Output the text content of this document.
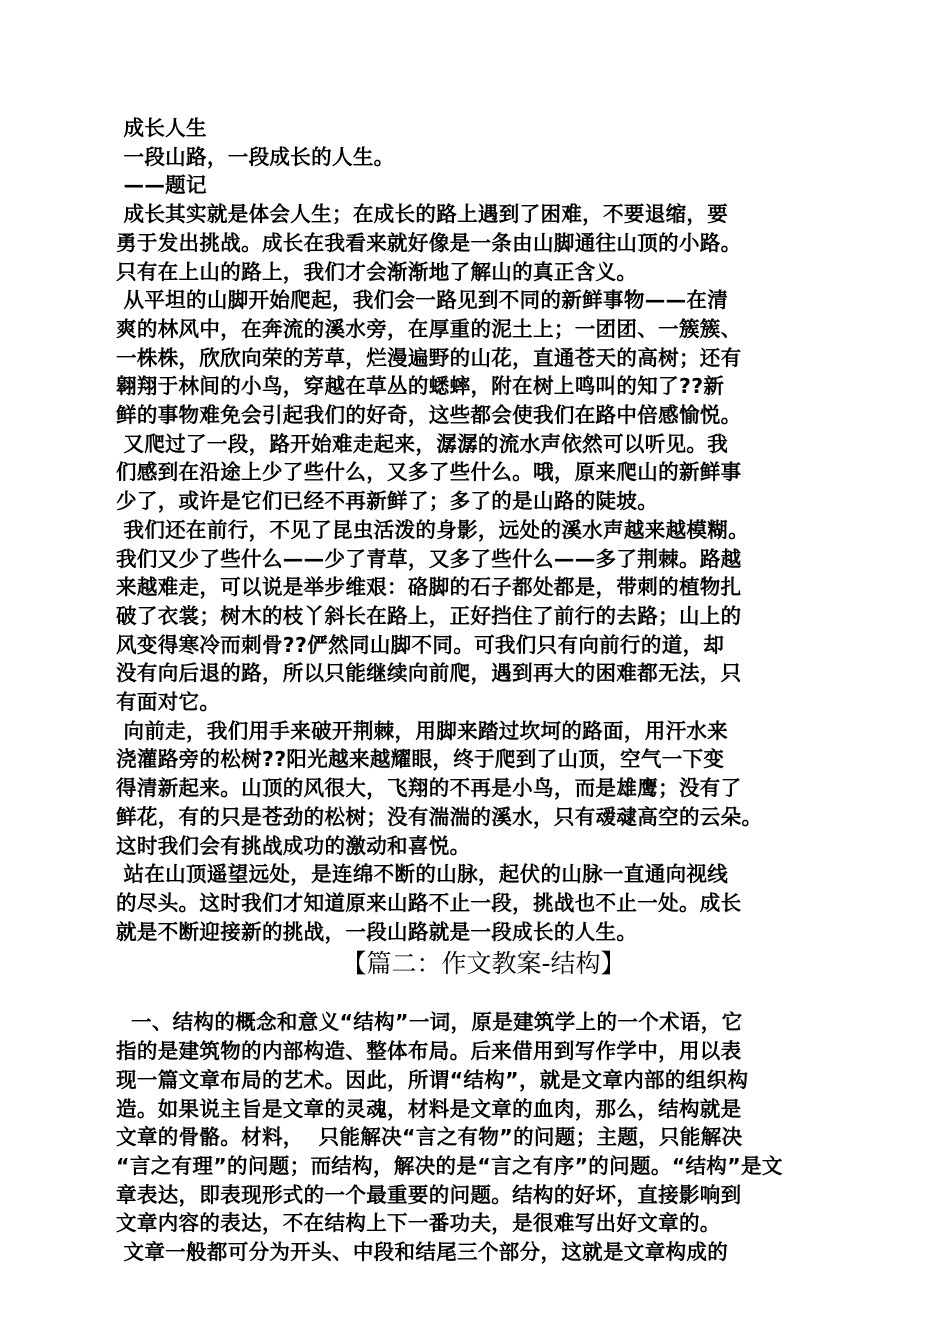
成长人生
一段山路，一段成长的人生。
——题记
成长其实就是体会人生；在成长的路上遇到了困难，不要退缩，要
勇于发出挑战。成长在我看来就好像是一条由山脚通往山顶的小路。
只有在上山的路上，我们才会渐渐地了解山的真正含义。
从平坦的山脚开始爬起，我们会一路见到不同的新鲜事物——在清
爽的林风中，在奔流的溪水旁，在厚重的泥土上；一团团、一簇簇、
一株株，欣欣向荣的芳草，烂漫遍野的山花，直通苍天的高树；还有
翱翔于林间的小鸟，穿越在草丛的蟋蟀，附在树上鸣叫的知了??新
鲜的事物难免会引起我们的好奇，这些都会使我们在路中倍感愉悦。
又爬过了一段，路开始难走起来，潺潺的流水声依然可以听见。我
们感到在沿途上少了些什么，又多了些什么。哦，原来爬山的新鲜事
少了，或许是它们已经不再新鲜了；多了的是山路的陡坡。
我们还在前行，不见了昆虫活泼的身影，远处的溪水声越来越模糊。
我们又少了些什么——少了青草，又多了些什么——多了荆棘。路越
来越难走，可以说是举步维艰：硌脚的石子都处都是，带刺的植物扎
破了衣裳；树木的枝丫斜长在路上，正好挡住了前行的去路；山上的
风变得寒冷而刺骨??俨然同山脚不同。可我们只有向前行的道，却
没有向后退的路，所以只能继续向前爬，遇到再大的困难都无法，只
有面对它。
向前走，我们用手来破开荆棘，用脚来踏过坎坷的路面，用汗水来
浇灌路旁的松树??阳光越来越耀眼，终于爬到了山顶，空气一下变
得清新起来。山顶的风很大，飞翔的不再是小鸟，而是雄鹰；没有了
鲜花，有的只是苍劲的松树；没有湍湍的溪水，只有叆叇高空的云朵。
这时我们会有挑战成功的激动和喜悦。
站在山顶遥望远处，是连绵不断的山脉，起伏的山脉一直通向视线
的尽头。这时我们才知道原来山路不止一段，挑战也不止一处。成长
就是不断迎接新的挑战，一段山路就是一段成长的人生。
【篇二：作文教案-结构】
一、结构的概念和意义“结构”一词，原是建筑学上的一个术语，它
指的是建筑物的内部构造、整体布局。后来借用到写作学中，用以表
现一篇文章布局的艺术。因此，所谓“结构”，就是文章内部的组织构
造。如果说主旨是文章的灵魂，材料是文章的血肉，那么，结构就是
文章的骨骼。材料，  只能解决“言之有物”的问题；主题，只能解决
“言之有理”的问题；而结构，解决的是“言之有序”的问题。“结构”是文
章表达，即表现形式的一个最重要的问题。结构的好坏，直接影响到
文章内容的表达，不在结构上下一番功夫，是很难写出好文章的。
文章一般都可分为开头、中段和结尾三个部分，这就是文章构成的
